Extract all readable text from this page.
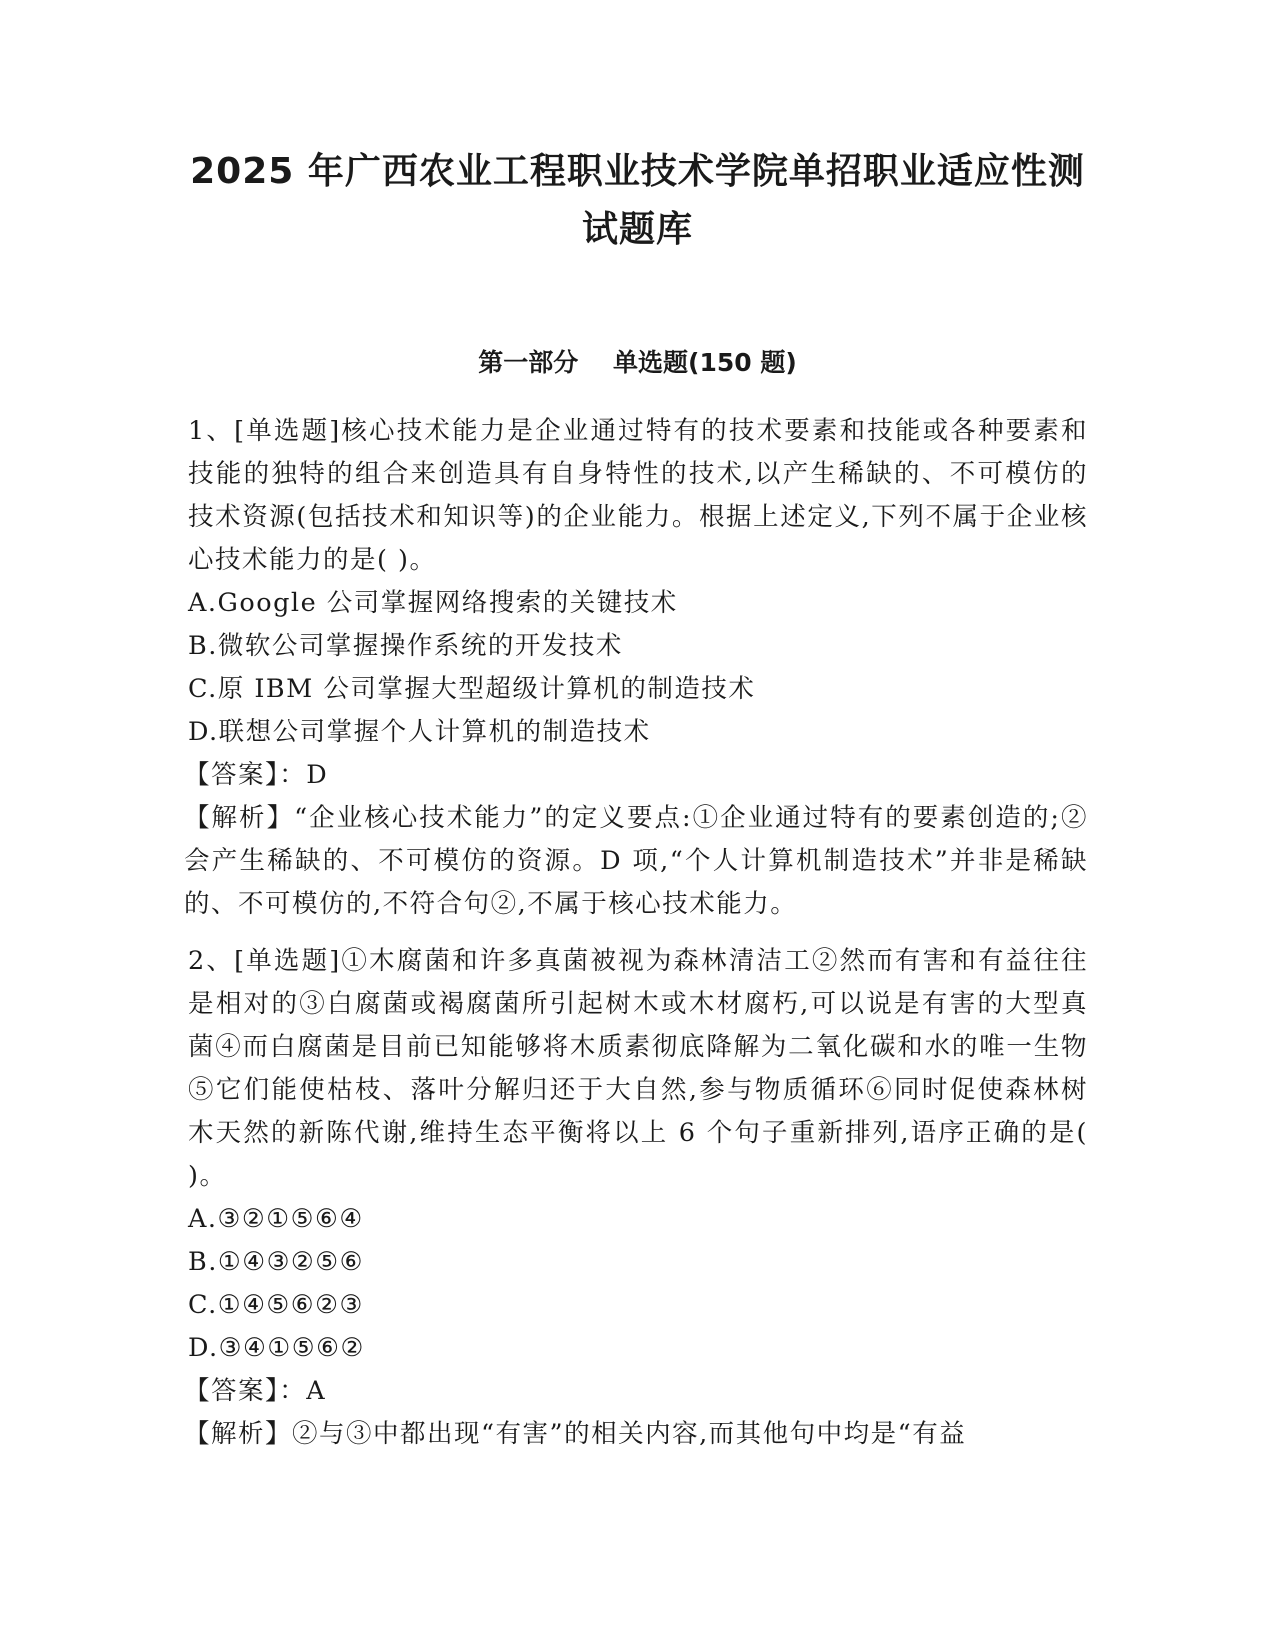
2025 年广西农业工程职业技术学院单招职业适应性测
试题库
第一部分    单选题(150 题)

1、[单选题]核心技术能力是企业通过特有的技术要素和技能或各种要素和技能的独特的组合来创造具有自身特性的技术,以产生稀缺的、不可模仿的技术资源(包括技术和知识等)的企业能力。根据上述定义,下列不属于企业核心技术能力的是( )。

A.Google 公司掌握网络搜索的关键技术

B.微软公司掌握操作系统的开发技术

C.原 IBM 公司掌握大型超级计算机的制造技术

D.联想公司掌握个人计算机的制造技术

【答案】：D

【解析】“企业核心技术能力”的定义要点:①企业通过特有的要素创造的;②会产生稀缺的、不可模仿的资源。D 项,“个人计算机制造技术”并非是稀缺的、不可模仿的,不符合句②,不属于核心技术能力。

2、[单选题]①木腐菌和许多真菌被视为森林清洁工②然而有害和有益往往是相对的③白腐菌或褐腐菌所引起树木或木材腐朽,可以说是有害的大型真菌④而白腐菌是目前已知能够将木质素彻底降解为二氧化碳和水的唯一生物⑤它们能使枯枝、落叶分解归还于大自然,参与物质循环⑥同时促使森林树木天然的新陈代谢,维持生态平衡将以上 6 个句子重新排列,语序正确的是( )。

A.③②①⑤⑥④

B.①④③②⑤⑥

C.①④⑤⑥②③

D.③④①⑤⑥②

【答案】：A

【解析】②与③中都出现“有害”的相关内容,而其他句中均是“有益
